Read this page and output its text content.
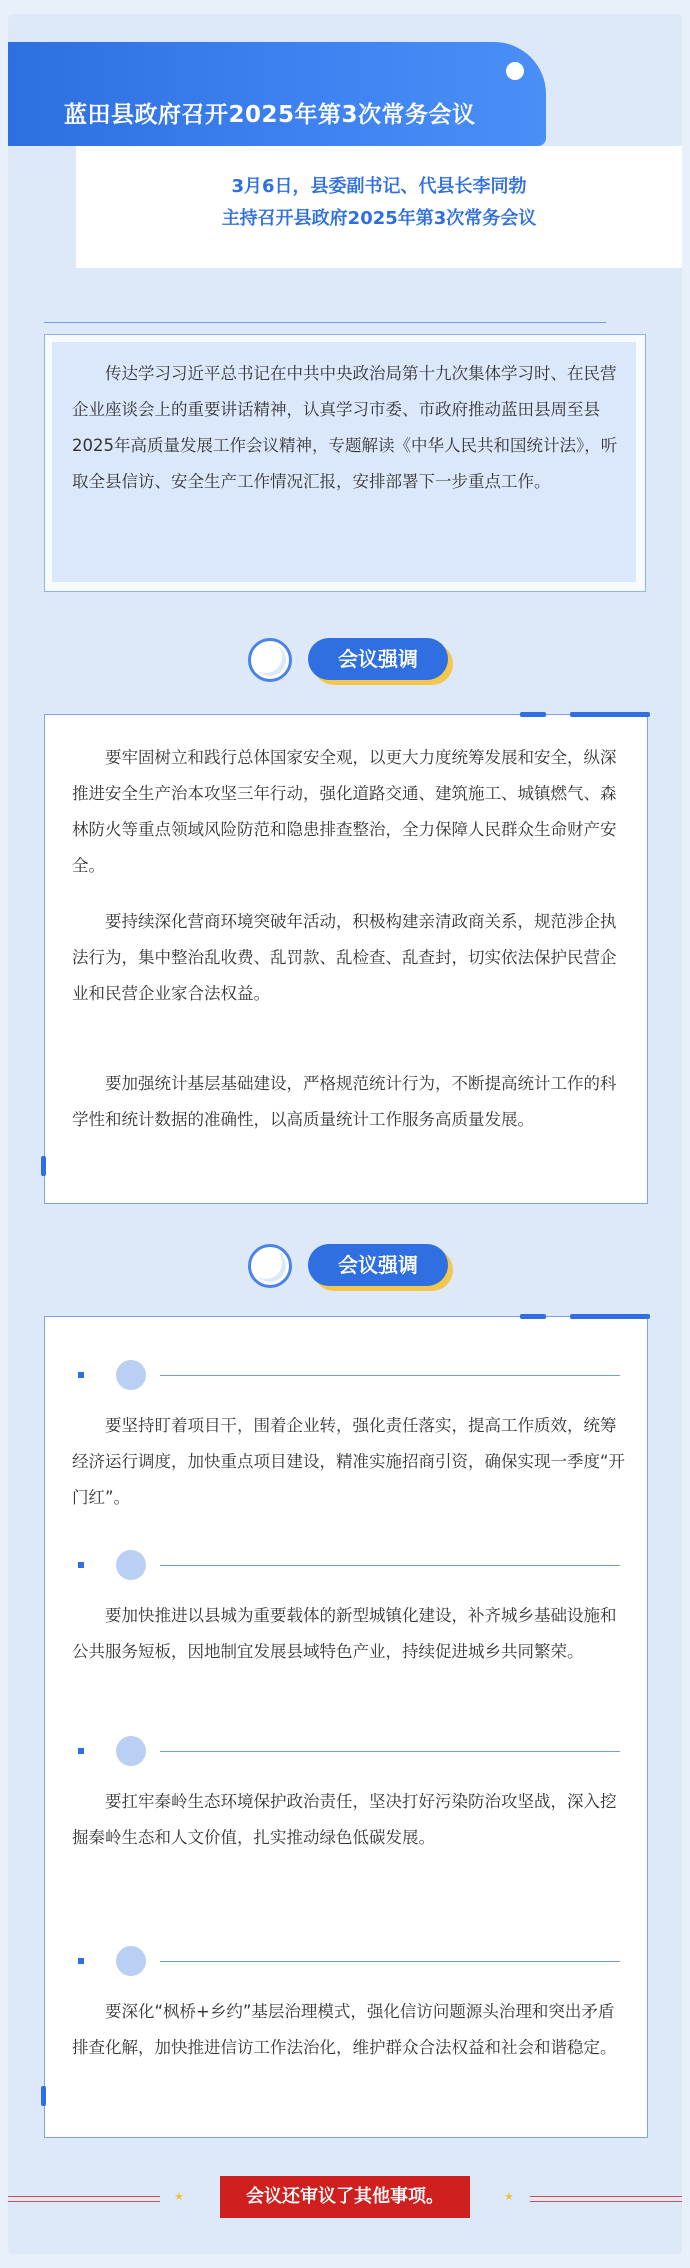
蓝田县政府召开2025年第3次常务会议
3月6日，县委副书记、代县长李同勃
主持召开县政府2025年第3次常务会议

传达学习习近平总书记在中共中央政治局第十九次集体学习时、在民营企业座谈会上的重要讲话精神，认真学习市委、市政府推动蓝田县周至县2025年高质量发展工作会议精神，专题解读《中华人民共和国统计法》，听取全县信访、安全生产工作情况汇报，安排部署下一步重点工作。

会议强调

要牢固树立和践行总体国家安全观，以更大力度统筹发展和安全，纵深推进安全生产治本攻坚三年行动，强化道路交通、建筑施工、城镇燃气、森林防火等重点领域风险防范和隐患排查整治，全力保障人民群众生命财产安全。

要持续深化营商环境突破年活动，积极构建亲清政商关系，规范涉企执法行为，集中整治乱收费、乱罚款、乱检查、乱查封，切实依法保护民营企业和民营企业家合法权益。

要加强统计基层基础建设，严格规范统计行为，不断提高统计工作的科学性和统计数据的准确性，以高质量统计工作服务高质量发展。

会议强调

要坚持盯着项目干，围着企业转，强化责任落实，提高工作质效，统筹经济运行调度，加快重点项目建设，精准实施招商引资，确保实现一季度“开门红”。

要加快推进以县城为重要载体的新型城镇化建设，补齐城乡基础设施和公共服务短板，因地制宜发展县域特色产业，持续促进城乡共同繁荣。

要扛牢秦岭生态环境保护政治责任，坚决打好污染防治攻坚战，深入挖掘秦岭生态和人文价值，扎实推动绿色低碳发展。

要深化“枫桥+乡约”基层治理模式，强化信访问题源头治理和突出矛盾排查化解，加快推进信访工作法治化，维护群众合法权益和社会和谐稳定。

★	★
会议还审议了其他事项。
